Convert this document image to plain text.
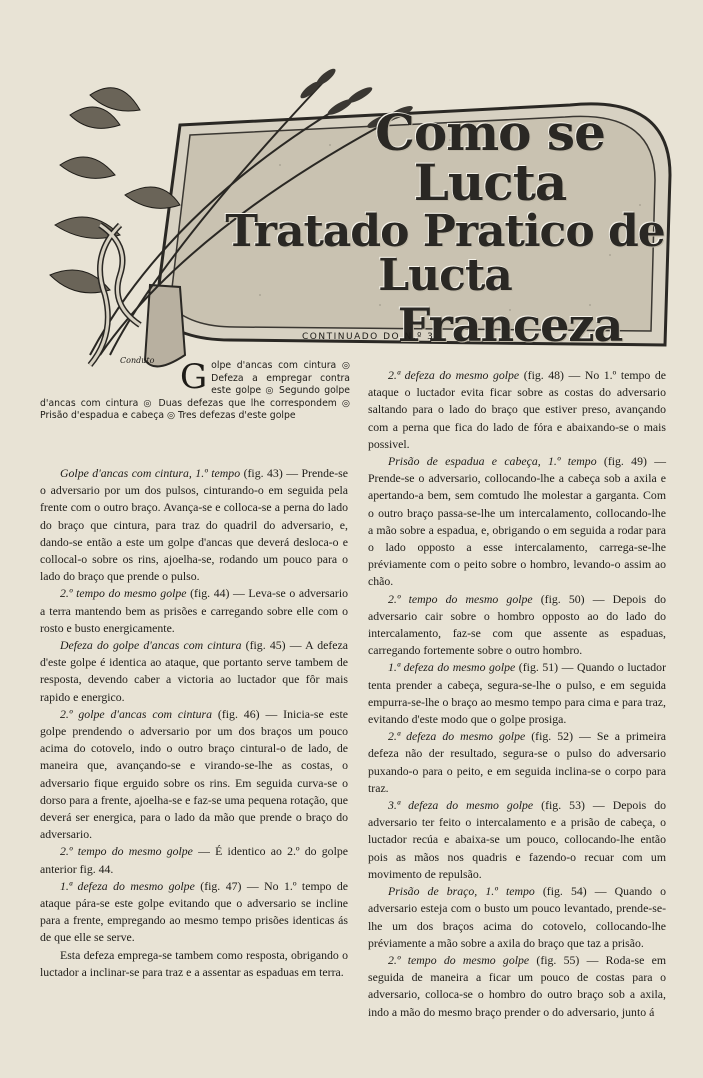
Conduto
Como se Lucta
Tratado Pratico de Lucta
Franceza
CONTINUADO DO N.º 3
G olpe d'ancas com cintura ◎ Defeza a empregar contra este golpe ◎ Segundo golpe d'ancas com cintura ◎ Duas defezas que lhe correspondem ◎ Prisão d'espadua e cabeça ◎ Tres defezas d'este golpe

Golpe d'ancas com cintura, 1.º tempo (fig. 43) — Prende-se o adversario por um dos pulsos, cinturando-o em seguida pela frente com o outro braço. Avança-se e colloca-se a perna do lado do braço que cintura, para traz do quadril do adversario, e, dando-se então a este um golpe d'ancas que deverá desloca-o e collocal-o sobre os rins, ajoelha-se, rodando um pouco para o lado do braço que prende o pulso.

2.º tempo do mesmo golpe (fig. 44) — Leva-se o adversario a terra mantendo bem as prisões e carregando sobre elle com o rosto e busto energicamente.

Defeza do golpe d'ancas com cintura (fig. 45) — A defeza d'este golpe é identica ao ataque, que portanto serve tambem de resposta, devendo caber a victoria ao luctador que fôr mais rapido e energico.

2.º golpe d'ancas com cintura (fig. 46) — Inicia-se este golpe prendendo o adversario por um dos braços um pouco acima do cotovelo, indo o outro braço cintural-o de lado, de maneira que, avançando-se e virando-se-lhe as costas, o adversario fique erguido sobre os rins. Em seguida curva-se o dorso para a frente, ajoelha-se e faz-se uma pequena rotação, que deverá ser energica, para o lado da mão que prende o braço do adversario.

2.º tempo do mesmo golpe — É identico ao 2.º do golpe anterior fig. 44.

1.ª defeza do mesmo golpe (fig. 47) — No 1.º tempo de ataque pára-se este golpe evitando que o adversario se incline para a frente, empregando ao mesmo tempo prisões identicas ás de que elle se serve.

Esta defeza emprega-se tambem como resposta, obrigando o luctador a inclinar-se para traz e a assentar as espaduas em terra.

2.ª defeza do mesmo golpe (fig. 48) — No 1.º tempo de ataque o luctador evita ficar sobre as costas do adversario saltando para o lado do braço que estiver preso, avançando com a perna que fica do lado de fóra e abaixando-se o mais possivel.

Prisão de espadua e cabeça, 1.º tempo (fig. 49) — Prende-se o adversario, collocando-lhe a cabeça sob a axila e apertando-a bem, sem comtudo lhe molestar a garganta. Com o outro braço passa-se-lhe um intercalamento, collocando-lhe a mão sobre a espadua, e, obrigando o em seguida a rodar para o lado opposto a esse intercalamento, carrega-se-lhe préviamente com o peito sobre o hombro, levando-o assim ao chão.

2.º tempo do mesmo golpe (fig. 50) — Depois do adversario cair sobre o hombro opposto ao do lado do intercalamento, faz-se com que assente as espaduas, carregando fortemente sobre o outro hombro.

1.ª defeza do mesmo golpe (fig. 51) — Quando o luctador tenta prender a cabeça, segura-se-lhe o pulso, e em seguida empurra-se-lhe o braço ao mesmo tempo para cima e para traz, evitando d'este modo que o golpe prosiga.

2.ª defeza do mesmo golpe (fig. 52) — Se a primeira defeza não der resultado, segura-se o pulso do adversario puxando-o para o peito, e em seguida inclina-se o corpo para traz.

3.ª defeza do mesmo golpe (fig. 53) — Depois do adversario ter feito o intercalamento e a prisão de cabeça, o luctador recúa e abaixa-se um pouco, collocando-lhe então pois as mãos nos quadris e fazendo-o recuar com um movimento de repulsão.

Prisão de braço, 1.º tempo (fig. 54) — Quando o adversario esteja com o busto um pouco levantado, prende-se-lhe um dos braços acima do cotovelo, collocando-lhe préviamente a mão sobre a axila do braço que taz a prisão.

2.º tempo do mesmo golpe (fig. 55) — Roda-se em seguida de maneira a ficar um pouco de costas para o adversario, colloca-se o hombro do outro braço sob a axila, indo a mão do mesmo braço prender o do adversario, junto á
